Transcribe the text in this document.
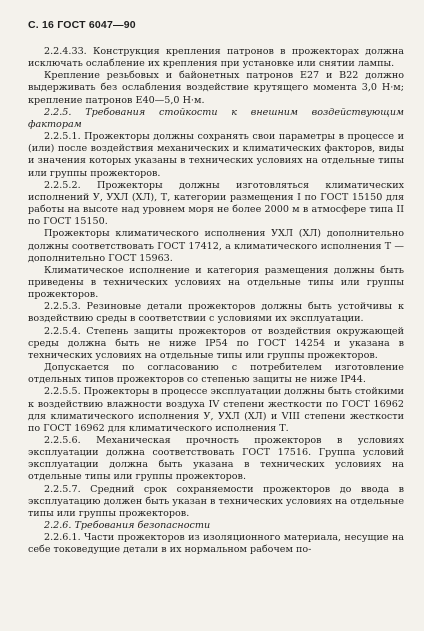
С. 16 ГОСТ 6047—90

2.2.4.33. Конструкция крепления патронов в прожекторах должна исключать ослабление их крепления при установке или снятии лампы.

Крепление резьбовых и байонетных патронов Е27 и В22 должно выдерживать без ослабления воздействие крутящего момента 3,0 Н·м; крепление патронов Е40—5,0 Н·м.

2.2.5. Требования стойкости к внешним воздействующим факторам

2.2.5.1. Прожекторы должны сохранять свои параметры в процессе и (или) после воздействия механических и климатических факторов, виды и значения которых указаны в технических условиях на отдельные типы или группы прожекторов.

2.2.5.2. Прожекторы должны изготовляться климатических исполнений У, УХЛ (ХЛ), Т, категории размещения I по ГОСТ 15150 для работы на высоте над уровнем моря не более 2000 м в атмосфере типа II по ГОСТ 15150.

Прожекторы климатического исполнения УХЛ (ХЛ) дополнительно должны соответствовать ГОСТ 17412, а климатического исполнения Т — дополнительно ГОСТ 15963.

Климатическое исполнение и категория размещения должны быть приведены в технических условиях на отдельные типы или группы прожекторов.

2.2.5.3. Резиновые детали прожекторов должны быть устойчивы к воздействию среды в соответствии с условиями их эксплуатации.

2.2.5.4. Степень защиты прожекторов от воздействия окружающей среды должна быть не ниже IP54 по ГОСТ 14254 и указана в технических условиях на отдельные типы или группы прожекторов.

Допускается по согласованию с потребителем изготовление отдельных типов прожекторов со степенью защиты не ниже IP44.

2.2.5.5. Прожекторы в процессе эксплуатации должны быть стойкими к воздействию влажности воздуха IV степени жесткости по ГОСТ 16962 для климатического исполнения У, УХЛ (ХЛ) и VIII степени жесткости по ГОСТ 16962 для климатического исполнения Т.

2.2.5.6. Механическая прочность прожекторов в условиях эксплуатации должна соответствовать ГОСТ 17516. Группа условий эксплуатации должна быть указана в технических условиях на отдельные типы или группы прожекторов.

2.2.5.7. Средний срок сохраняемости прожекторов до ввода в эксплуатацию должен быть указан в технических условиях на отдельные типы или группы прожекторов.

2.2.6. Требования безопасности

2.2.6.1. Части прожекторов из изоляционного материала, несущие на себе токоведущие детали в их нормальном рабочем по-
